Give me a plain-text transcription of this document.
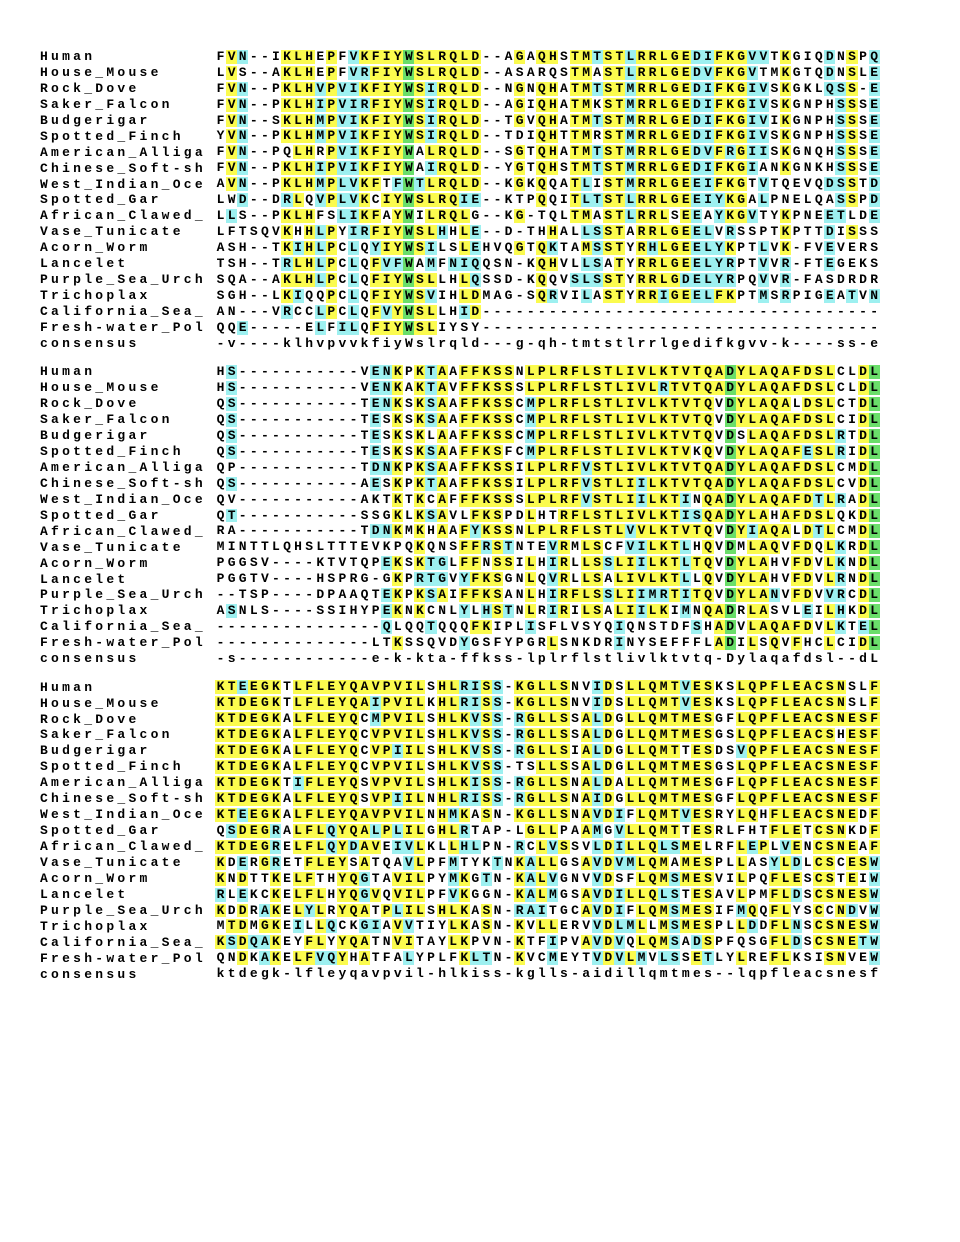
Human	F V N - - I K L H E P F V K F I Y W S L R Q L D - - A G A Q H S T M T S T L R R L G E D I F K G V V T K G I Q D N S P Q
House_Mouse	L V S - - A K L H E P F V R F I Y W S L R Q L D - - A S A R Q S T M A S T L R R L G E D V F K G V T M K G T Q D N S L E
Rock_Dove	F V N - - P K L H V P V I K F I Y W S I R Q L D - - N G N Q H A T M T S T M R R L G E D I F K G I V S K G K L Q S S - E
Saker_Falcon	F V N - - P K L H I P V I R F I Y W S I R Q L D - - A G I Q H A T M K S T M R R L G E D I F K G I V S K G N P H S S S E
Budgerigar	F V N - - S K L H M P V I K F I Y W S I R Q L D - - T G V Q H A T M T S T M R R L G E D I F K G I V I K G N P H S S S E
Spotted_Finch	Y V N - - P K L H M P V I K F I Y W S I R Q L D - - T D I Q H T T M R S T M R R L G E D I F K G I V S K G N P H S S S E
American_Alliga F V N - - P Q L H R P V I K F I Y W A L R Q L D - - S G T Q H A T M T S T M R R L G E D V F R G I I S K G N Q H S S S E
Chinese_Soft-sh F V N - - P K L H I P V I K F I Y W A I R Q L D - - Y G T Q H S T M T S T M R R L G E D I F K G I A N K G N K H S S S E
West_Indian_Oce A V N - - P K L H M P L V K F T F W T L R Q L D - - K G K Q Q A T L I S T M R R L G E E I F K G T V T Q E V Q D S S T D
Spotted_Gar	L W D - - D R L Q V P L V K C I Y W S L R Q I E - - K T P Q Q I T L T S T L R R L G E E I Y K G A L P N E L Q A S S P D
African_Clawed_ L L S - - P K L H F S L I K F A Y W I L R Q L G - - K G - T Q L T M A S T L R R L S E E A Y K G V T Y K P N E E T L D E
Vase_Tunicate	L F T S Q V K H H L P Y I R F I Y W S L H H L E - - D - T H H A L L S S T A R R L G E E L V R S S P T K P T T D I S S S
Acorn_Worm	A S H - - T K I H L P C L Q Y I Y W S I L S L E H V Q G T Q K T A M S S T Y R H L G E E L Y K P T L V K - F V E V E R S
Lancelet	T S H - - T R L H L P C L Q F V F W A M F N I Q Q S N - K Q H V L L S A T Y R R L G E E L Y R P T V V R - F T E G E K S
Purple_Sea_Urch S Q A - - A K L H L P C L Q F I Y W S L L H L Q S S D - K Q Q V S L S S T Y R R L G D E L Y R P Q V V R - F A S D R D R
Trichoplax	S G H - - L K I Q Q P C L Q F I Y W S V I H L D M A G - S Q R V I L A S T Y R R I G E E L F K P T M S R P I G E A T V N
California_Sea_ A N - - - V R C C L P C L Q F V Y W S L L H I D - - - - - - - - - - - - - - - - - - - - - - - - - - - - - - - - - - - -
Fresh-water_Pol Q Q E - - - - - E L F I L Q F I Y W S L I Y S Y - - - - - - - - - - - - - - - - - - - - - - - - - - - - - - - - - - - -
consensus	- v - - - - k l h v p v v k f i y W s l r q l d - - - g - q h - t m t s t l r r l g e d i f k g v v - k - - - - s s - e
Human	H S - - - - - - - - - - - V E N K P K T A A F F K S S N L P L R F L S T L I V L K T V T Q A D Y L A Q A F D S L C L D L
House_Mouse	H S - - - - - - - - - - - V E N K A K T A V F F K S S S L P L R F L S T L I V L R T V T Q A D Y L A Q A F D S L C L D L
Rock_Dove	Q S - - - - - - - - - - - T E N K S K S A A F F K S S C M P L R F L S T L I V L K T V T Q V D Y L A Q A L D S L C T D L
Saker_Falcon	Q S - - - - - - - - - - - T E S K S K S A A F F K S S C M P L R F L S T L I V L K T V T Q V D Y L A Q A F D S L C I D L
Budgerigar	Q S - - - - - - - - - - - T E S K S K L A A F F K S S C M P L R F L S T L I V L K T V T Q V D S L A Q A F D S L R T D L
Spotted_Finch	Q S - - - - - - - - - - - T E S K S K S A A F F K S F C M P L R F L S T L I V L K T V K Q V D Y L A Q A F E S L R I D L
American_Alliga Q P - - - - - - - - - - - T D N K P K S A A F F K S S I L P L R F V S T L I V L K T V T Q A D Y L A Q A F D S L C M D L
Chinese_Soft-sh Q S - - - - - - - - - - - A E S K P K T A A F F K S S I L P L R F V S T L I I L K T V T Q A D Y L A Q A F D S L C V D L
West_Indian_Oce Q V - - - - - - - - - - - A K T K T K C A F F F K S S S L P L R F V S T L I I L K T I N Q A D Y L A Q A F D T L R A D L
Spotted_Gar	Q T - - - - - - - - - - - S S G K L K S A V L F K S P D L H T R F L S T L I V L K T I S Q A D Y L A H A F D S L Q K D L
African_Clawed_ R A - - - - - - - - - - - T D N K M K H A A F Y K S S N L P L R F L S T L V V L K T V T Q V D Y I A Q A L D T L C M D L
Vase_Tunicate	M I N T T L Q H S L T T T E V K P Q K Q N S F F R S T N T E V R M L S C F V I L K T L H Q V D M L A Q V F D Q L K R D L
Acorn_Worm	P G G S V - - - - K T V T Q P E K S K T G L F F N S S I L H I R L L S S L I I L K T L T Q V D Y L A H V F D V L K N D L
Lancelet	P G G T V - - - - H S P R G - G K P R T G V Y F K S G N L Q V R L L S A L I V L K T L L Q V D Y L A H V F D V L R N D L
Purple_Sea_Urch - - T S P - - - - D P A A Q T E K P K S A I F F K S A N L H I R F L S S L I I M R T I T Q V D Y L A N V F D V V R C D L
Trichoplax	A S N L S - - - - S S I H Y P E K N K C N L Y L H S T N L R I R I L S A L I I L K I M N Q A D R L A S V L E I L H K D L
California_Sea_ - - - - - - - - - - - - - - - Q L Q Q T Q Q Q F K I P L I S F L V S Y Q I Q N S T D F S H A D V L A Q A F D V L K T E L
Fresh-water_Pol - - - - - - - - - - - - - - L T K S S Q V D Y G S F Y P G R L S N K D R I N Y S E F F F L A D I L S Q V F H C L C I D L
consensus	- s - - - - - - - - - - - - e - k - k t a - f f k s s - l p l r f l s t l i v l k t v t q - D y l a q a f d s l - - d L
Human	K T E E G K T L F L E Y Q A V P V I L S H L R I S S - K G L L S N V I D S L L Q M T V E S K S L Q P F L E A C S N S L F
House_Mouse	K T D E G K T L F L E Y Q A I P V I L K H L R I S S - K G L L S N V I D S L L Q M T V E S K S L Q P F L E A C S N S L F
Rock_Dove	K T D E G K A L F L E Y Q C M P V I L S H L K V S S - R G L L S S A L D G L L Q M T M E S G F L Q P F L E A C S N E S F
Saker_Falcon	K T D E G K A L F L E Y Q C V P V I L S H L K V S S - R G L L S S A L D G L L Q M T M E S G S L Q P F L E A C S H E S F
Budgerigar	K T D E G K A L F L E Y Q C V P I I L S H L K V S S - R G L L S I A L D G L L Q M T T E S D S V Q P F L E A C S N E S F
Spotted_Finch	K T D E G K A L F L E Y Q C V P V I L S H L K V S S - T S L L S S A L D G L L Q M T M E S G S L Q P F L E A C S N E S F
American_Alliga K T D E G K T I F L E Y Q S V P V I L S H L K I S S - R G L L S N A L D A L L Q M T M E S G F L Q P F L E A C S N E S F
Chinese_Soft-sh K T D E G K A L F L E Y Q S V P I I L N H L R I S S - R G L L S N A I D G L L Q M T M E S G F L Q P F L E A C S N E S F
West_Indian_Oce K T E E G K A L F L E Y Q A V P V I L N H M K A S N - K G L L S N A V D I F L Q M T V E S R Y L Q H F L E A C S N E D F
Spotted_Gar	Q S D E G R A L F L Q Y Q A L P L I L G H L R T A P - L G L L P A A M G V L L Q M T T E S R L F H T F L E T C S N K D F
African_Clawed_ K T D E G R E L F L Q Y D A V E I V L K L L H L P N - R C L V S S V L D I L L Q L S M E L R F L E P L V E N C S N E A F
Vase_Tunicate	K D E R G R E T F L E Y S A T Q A V L P F M T Y K T N K A L L G S A V D V M L Q M A M E S P L L A S Y L D L C S C E S W
Acorn_Worm	K N D T T K E L F T H Y Q G T A V I L P Y M K G T N - K A L V G N V V D S F L Q M S M E S V I L P Q F L E S C S T E I W
Lancelet	R L E K C K E L F L H Y Q G V Q V I L P F V K G G N - K A L M G S A V D I L L Q L S T E S A V L P M F L D S C S N E S W
Purple_Sea_Urch K D D R A K E L Y L R Y Q A T P L I L S H L K A S N - R A I T G C A V D I F L Q M S M E S I F M Q Q F L Y S C C N D V W
Trichoplax	M T D M G K E I L L Q C K G I A V V T I Y L K A S N - K V L L E R V V D L M L L M S M E S P L L D D F L N S C S N E S W
California_Sea_ K S D Q A K E Y F L Y Y Q A T N V I T A Y L K P V N - K T F I P V A V D V Q L Q M S A D S P F Q S G F L D S C S N E T W
Fresh-water_Pol Q N D K A K E L F V Q Y H A T F A L Y P L F K L T N - K V C M E Y T V D V L M V L S S E T L Y L R E F L K S I S N V E W
consensus	k t d e g k - l f l e y q a v p v i l - h l k i s s - k g l l s - a i d i l l q m t m e s - - l q p f l e a c s n e s f
